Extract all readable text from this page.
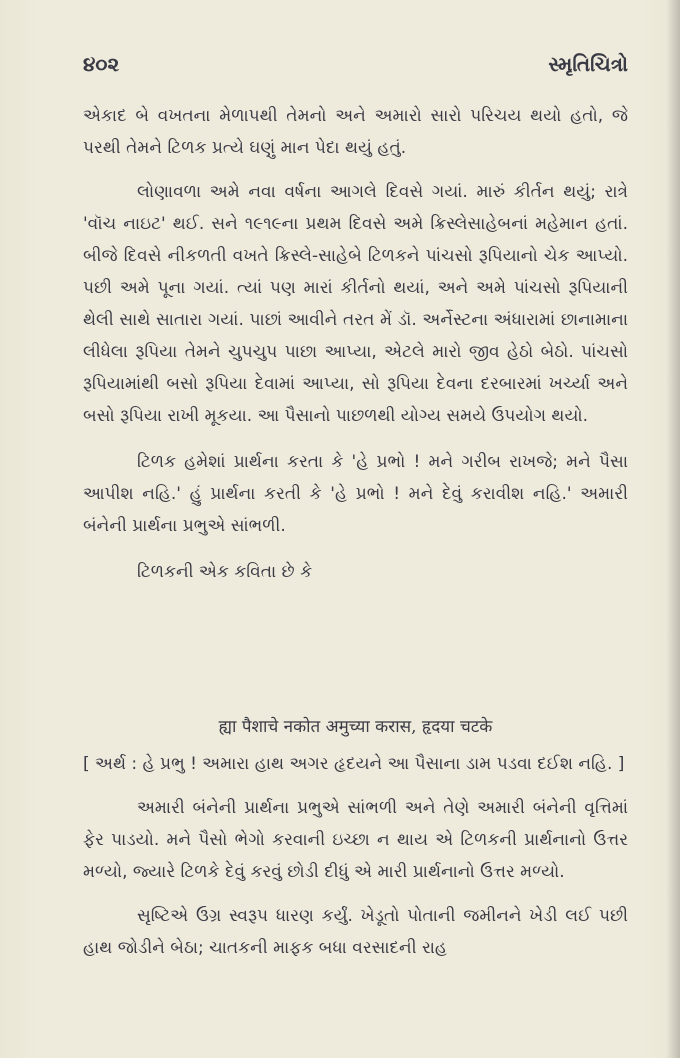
૪૦૨	સ્મૃતિચિત્રો

એકાદ બે વખતના મેળાપથી તેમનો અને અમારો સારો પરિચય થયો હતો, જે પરથી તેમને ટિળક પ્રત્યે ઘણું માન પેદા થયું હતું.

લોણાવળા અમે નવા વર્ષના આગલે દિવસે ગયાં. મારું કીર્તન થયું; રાત્રે 'વૉચ નાઇટ' થઈ. સને ૧૯૧૯ના પ્રથમ દિવસે અમે ક્રિસ્લેસાહેબનાં મહેમાન હતાં. બીજે દિવસે નીકળતી વખતે ક્રિસ્લે-સાહેબે ટિળકને પાંચસો રૂપિયાનો ચેક આપ્યો. પછી અમે પૂના ગયાં. ત્યાં પણ મારાં કીર્તનો થયાં, અને અમે પાંચસો રૂપિયાની થેલી સાથે સાતારા ગયાં. પાછાં આવીને તરત મેં ડૉ. અર્નેસ્ટના અંધારામાં છાનામાના લીધેલા રૂપિયા તેમને ચુપચુપ પાછા આપ્યા, એટલે મારો જીવ હેઠો બેઠો. પાંચસો રૂપિયામાંથી બસો રૂપિયા દેવામાં આપ્યા, સો રૂપિયા દેવના દરબારમાં ખર્ચ્યા અને બસો રૂપિયા રાખી મૂકયા. આ પૈસાનો પાછળથી યોગ્ય સમયે ઉપયોગ થયો.

ટિળક હમેશાં પ્રાર્થના કરતા કે 'હે પ્રભો ! મને ગરીબ રાખજે; મને પૈસા આપીશ નહિ.' હું પ્રાર્થના કરતી કે 'હે પ્રભો ! મને દેવું કરાવીશ નહિ.' અમારી બંનેની પ્રાર્થના પ્રભુએ સાંભળી.

ટિળકની એક કવિતા છે કે

ह्या पैशाचे नकोत अमुच्या करास, हृदया चटके

[ અર્થ : હે પ્રભુ ! અમારા હાથ અગર હૃદયને આ પૈસાના ડામ પડવા દઈશ નહિ. ]

અમારી બંનેની પ્રાર્થના પ્રભુએ સાંભળી અને તેણે અમારી બંનેની વૃત્તિમાં ફેર પાડયો. મને પૈસો ભેગો કરવાની ઇચ્છા ન થાય એ ટિળકની પ્રાર્થનાનો ઉત્તર મળ્યો, જ્યારે ટિળકે દેવું કરવું છોડી દીધું એ મારી પ્રાર્થનાનો ઉત્તર મળ્યો.

સૃષ્ટિએ ઉગ્ર સ્વરૂપ ધારણ કર્યું. ખેડૂતો પોતાની જમીનને ખેડી લઈ પછી હાથ જોડીને બેઠા; ચાતકની માફક બધા વરસાદની રાહ
